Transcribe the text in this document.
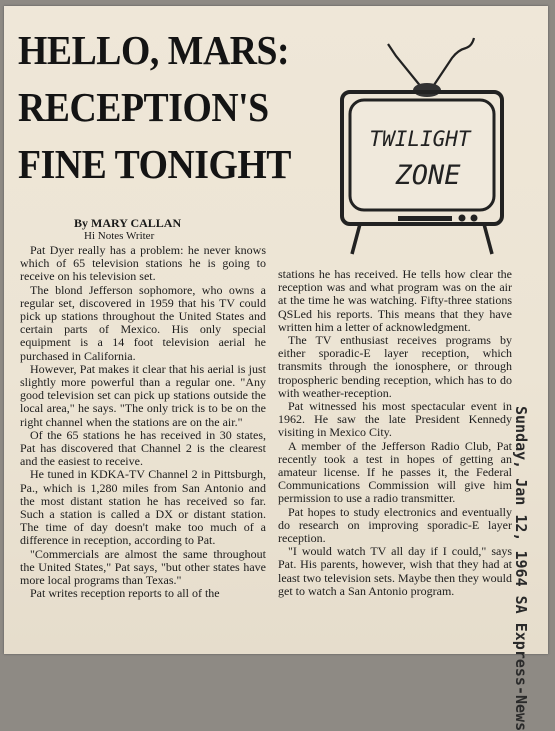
HELLO, MARS:
RECEPTION'S
FINE TONIGHT
TWILIGHT
ZONE
By MARY CALLAN
Hi Notes Writer

Pat Dyer really has a problem: he never knows which of 65 television stations he is going to receive on his television set.

The blond Jefferson sophomore, who owns a regular set, discovered in 1959 that his TV could pick up stations throughout the United States and certain parts of Mexico. His only special equipment is a 14 foot television aerial he purchased in California.

However, Pat makes it clear that his aerial is just slightly more powerful than a regular one. "Any good television set can pick up stations outside the local area," he says. "The only trick is to be on the right channel when the stations are on the air."

Of the 65 stations he has received in 30 states, Pat has discovered that Channel 2 is the clearest and the easiest to receive.

He tuned in KDKA-TV Channel 2 in Pittsburgh, Pa., which is 1,280 miles from San Antonio and the most distant station he has received so far. Such a station is called a DX or distant station. The time of day doesn't make too much of a difference in reception, according to Pat.

"Commercials are almost the same throughout the United States," Pat says, "but other states have more local programs than Texas."

Pat writes reception reports to all of the

stations he has received. He tells how clear the reception was and what program was on the air at the time he was watching. Fifty-three stations QSLed his reports. This means that they have written him a letter of acknowledgment.

The TV enthusiast receives programs by either sporadic-E layer reception, which transmits through the ionosphere, or through tropospheric bending reception, which has to do with weather-reception.

Pat witnessed his most spectacular event in 1962. He saw the late President Kennedy visiting in Mexico City.

A member of the Jefferson Radio Club, Pat recently took a test in hopes of getting an amateur license. If he passes it, the Federal Communications Commission will give him permission to use a radio transmitter.

Pat hopes to study electronics and eventually do research on improving sporadic-E layer reception.

"I would watch TV all day if I could," says Pat. His parents, however, wish that they had at least two television sets. Maybe then they would get to watch a San Antonio program.	Sunday, Jan 12, 1964 SA Express-News
